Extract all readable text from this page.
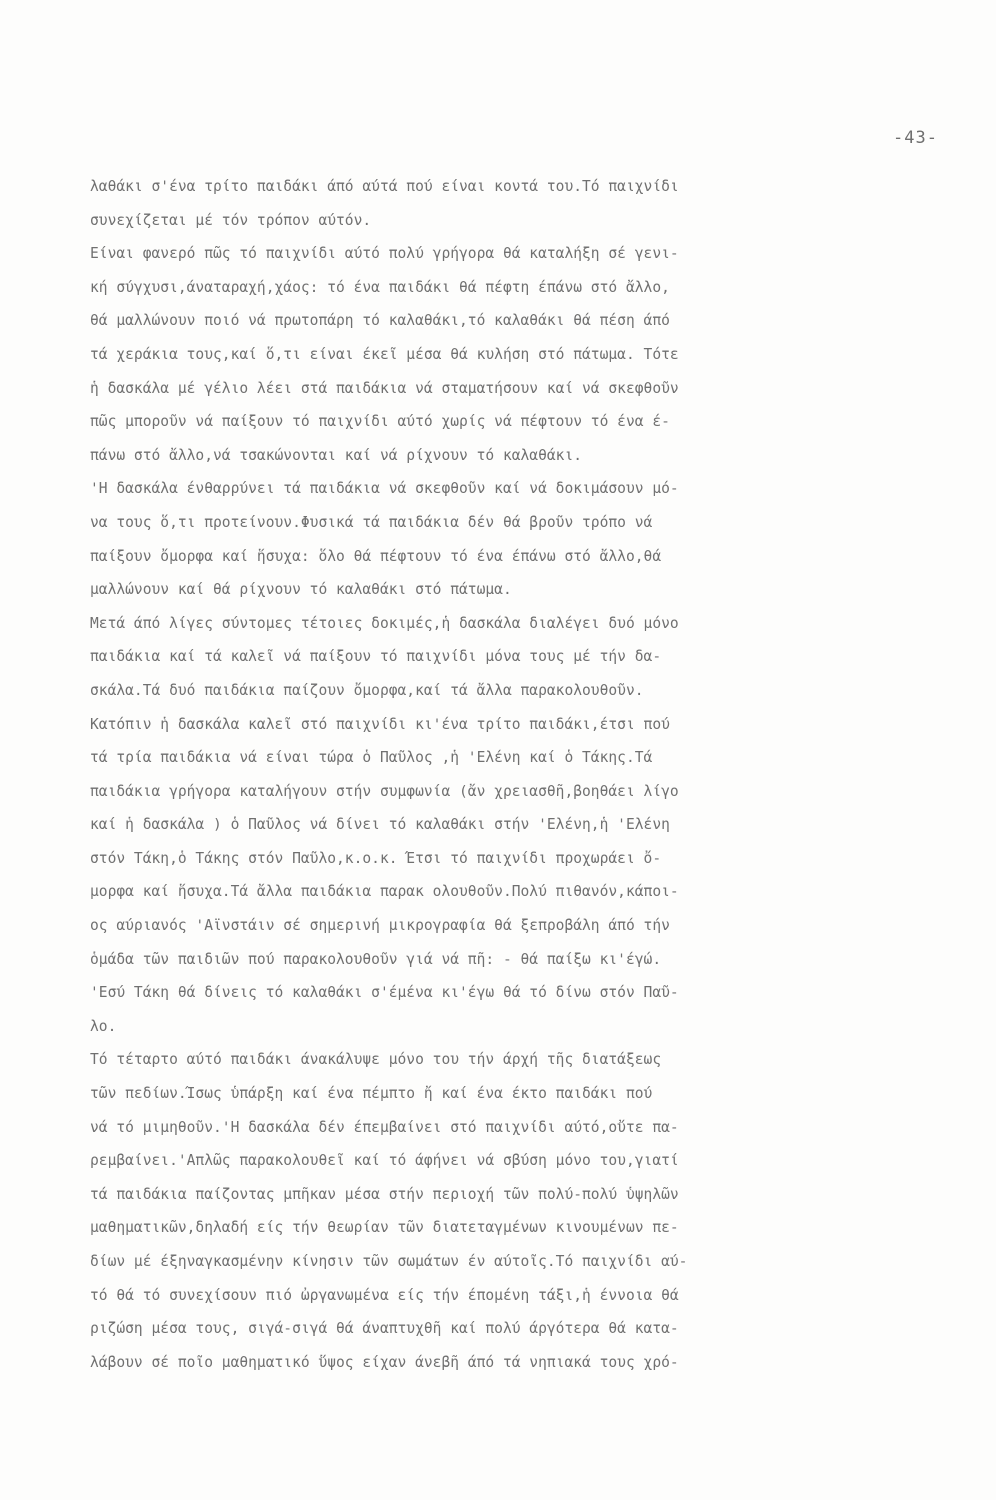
-43-
λαθάκι σ'ένα τρίτο παιδάκι άπό αύτά πού είναι κοντά του.Τό παιχνίδι
συνεχίζεται μέ τόν τρόπον αύτόν.
Είναι φανερό πῶς τό παιχνίδι αύτό πολύ γρήγορα θά καταλήξη σέ γενι-
κή σύγχυσι,άναταραχή,χάος: τό ένα παιδάκι θά πέφτη έπάνω στό ἄλλο,
θά μαλλώνουν ποιό νά πρωτοπάρη τό καλαθάκι,τό καλαθάκι θά πέση άπό
τά χεράκια τους,καί ὅ,τι είναι έκεῖ μέσα θά κυλήση στό πάτωμα. Τότε
ἡ δασκάλα μέ γέλιο λέει στά παιδάκια νά σταματήσουν καί νά σκεφθοῦν
πῶς μποροῦν νά παίξουν τό παιχνίδι αύτό χωρίς νά πέφτουν τό ένα έ-
πάνω στό ἄλλο,νά τσακώνονται καί νά ρίχνουν τό καλαθάκι.
'Η δασκάλα ένθαρρύνει τά παιδάκια νά σκεφθοῦν καί νά δοκιμάσουν μό-
να τους ὅ,τι προτείνουν.Φυσικά τά παιδάκια δέν θά βροῦν τρόπο νά
παίξουν ὄμορφα καί ἥσυχα: ὅλο θά πέφτουν τό ένα έπάνω στό ἄλλο,θά
μαλλώνουν καί θά ρίχνουν τό καλαθάκι στό πάτωμα.
Μετά άπό λίγες σύντομες τέτοιες δοκιμές,ἡ δασκάλα διαλέγει δυό μόνο
παιδάκια καί τά καλεῖ νά παίξουν τό παιχνίδι μόνα τους μέ τήν δα-
σκάλα.Τά δυό παιδάκια παίζουν ὄμορφα,καί τά ἄλλα παρακολουθοῦν.
Κατόπιν ἡ δασκάλα καλεῖ στό παιχνίδι κι'ένα τρίτο παιδάκι,έτσι πού
τά τρία παιδάκια νά είναι τώρα ὁ Παῦλος ,ἡ 'Ελένη καί ὁ Τάκης.Τά
παιδάκια γρήγορα καταλήγουν στήν συμφωνία (ἄν χρειασθῆ,βοηθάει λίγο
καί ἡ δασκάλα ) ὁ Παῦλος νά δίνει τό καλαθάκι στήν 'Ελένη,ἡ 'Ελένη
στόν Τάκη,ὁ Τάκης στόν Παῦλο,κ.ο.κ. Έτσι τό παιχνίδι προχωράει ὄ-
μορφα καί ἥσυχα.Τά ἄλλα παιδάκια παρακ ολουθοῦν.Πολύ πιθανόν,κάποι-
ος αύριανός 'Αϊνστάιν σέ σημερινή μικρογραφία θά ξεπροβάλη άπό τήν
ὁμάδα τῶν παιδιῶν πού παρακολουθοῦν γιά νά πῆ: - θά παίξω κι'έγώ.
'Εσύ Τάκη θά δίνεις τό καλαθάκι σ'έμένα κι'έγω θά τό δίνω στόν Παῦ-
λο.
Τό τέταρτο αύτό παιδάκι άνακάλυψε μόνο του τήν άρχή τῆς διατάξεως
τῶν πεδίων.Ίσως ὑπάρξη καί ένα πέμπτο ἤ καί ένα έκτο παιδάκι πού
νά τό μιμηθοῦν.'Η δασκάλα δέν έπεμβαίνει στό παιχνίδι αύτό,οὔτε πα-
ρεμβαίνει.'Απλῶς παρακολουθεῖ καί τό άφήνει νά σβύση μόνο του,γιατί
τά παιδάκια παίζοντας μπῆκαν μέσα στήν περιοχή τῶν πολύ-πολύ ὑψηλῶν
μαθηματικῶν,δηλαδή είς τήν θεωρίαν τῶν διατεταγμένων κινουμένων πε-
δίων μέ έξηναγκασμένην κίνησιν τῶν σωμάτων έν αύτοῖς.Τό παιχνίδι αύ-
τό θά τό συνεχίσουν πιό ὠργανωμένα είς τήν έπομένη τάξι,ἡ έννοια θά
ριζώση μέσα τους, σιγά-σιγά θά άναπτυχθῆ καί πολύ άργότερα θά κατα-
λάβουν σέ ποῖο μαθηματικό ὕψος είχαν άνεβῆ άπό τά νηπιακά τους χρό-
